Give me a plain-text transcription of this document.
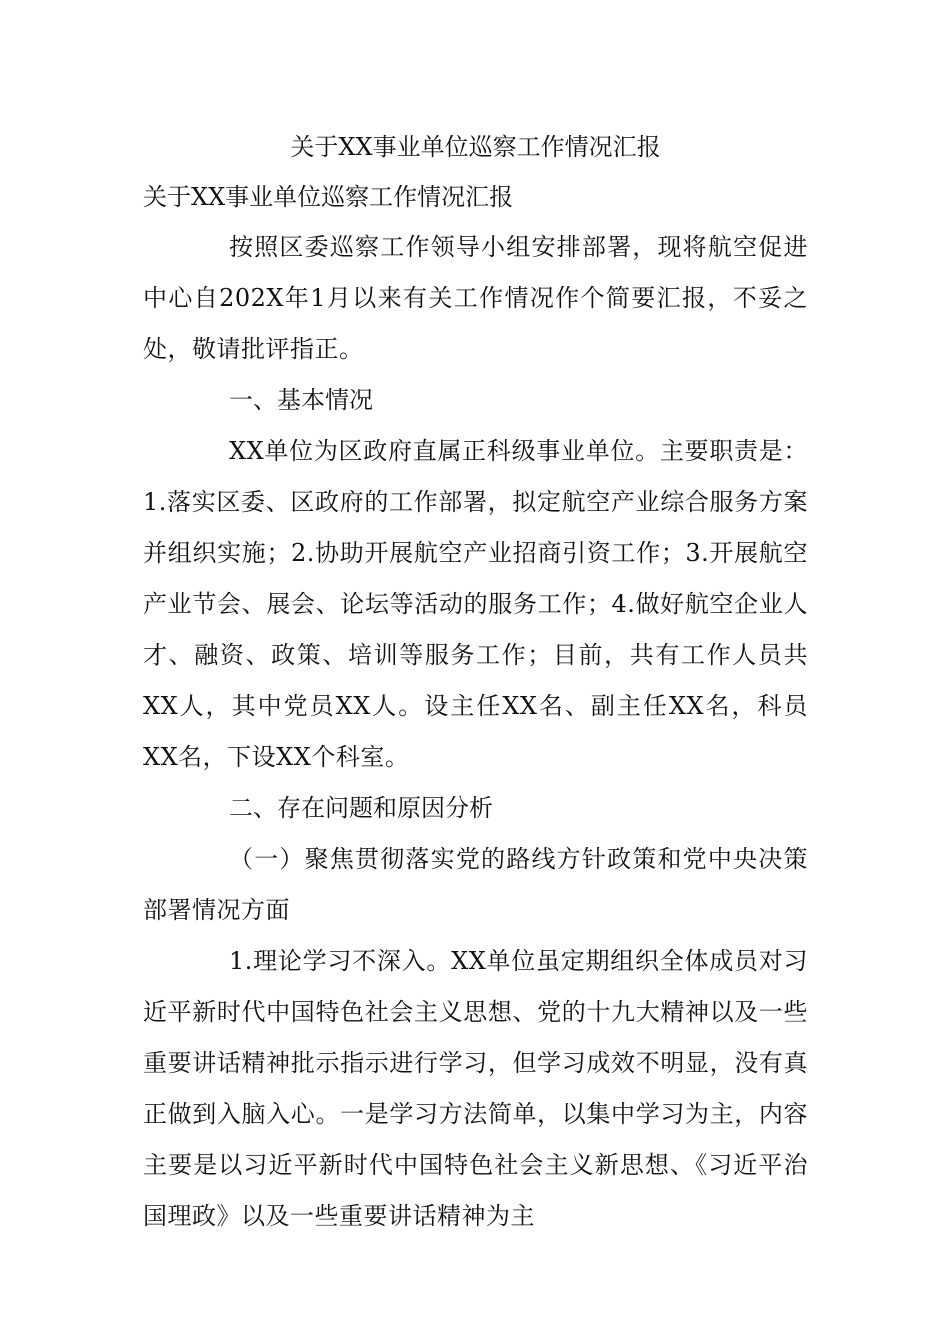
关于XX事业单位巡察工作情况汇报

关于XX事业单位巡察工作情况汇报

按照区委巡察工作领导小组安排部署，现将航空促进中心自202X年1月以来有关工作情况作个简要汇报，不妥之处，敬请批评指正。

一、基本情况

XX单位为区政府直属正科级事业单位。主要职责是：1.落实区委、区政府的工作部署，拟定航空产业综合服务方案并组织实施；2.协助开展航空产业招商引资工作；3.开展航空产业节会、展会、论坛等活动的服务工作；4.做好航空企业人才、融资、政策、培训等服务工作；目前，共有工作人员共XX人，其中党员XX人。设主任XX名、副主任XX名，科员XX名，下设XX个科室。

二、存在问题和原因分析

（一）聚焦贯彻落实党的路线方针政策和党中央决策部署情况方面

1.理论学习不深入。XX单位虽定期组织全体成员对习近平新时代中国特色社会主义思想、党的十九大精神以及一些重要讲话精神批示指示进行学习，但学习成效不明显，没有真正做到入脑入心。一是学习方法简单，以集中学习为主，内容主要是以习近平新时代中国特色社会主义新思想、《习近平治国理政》以及一些重要讲话精神为主
